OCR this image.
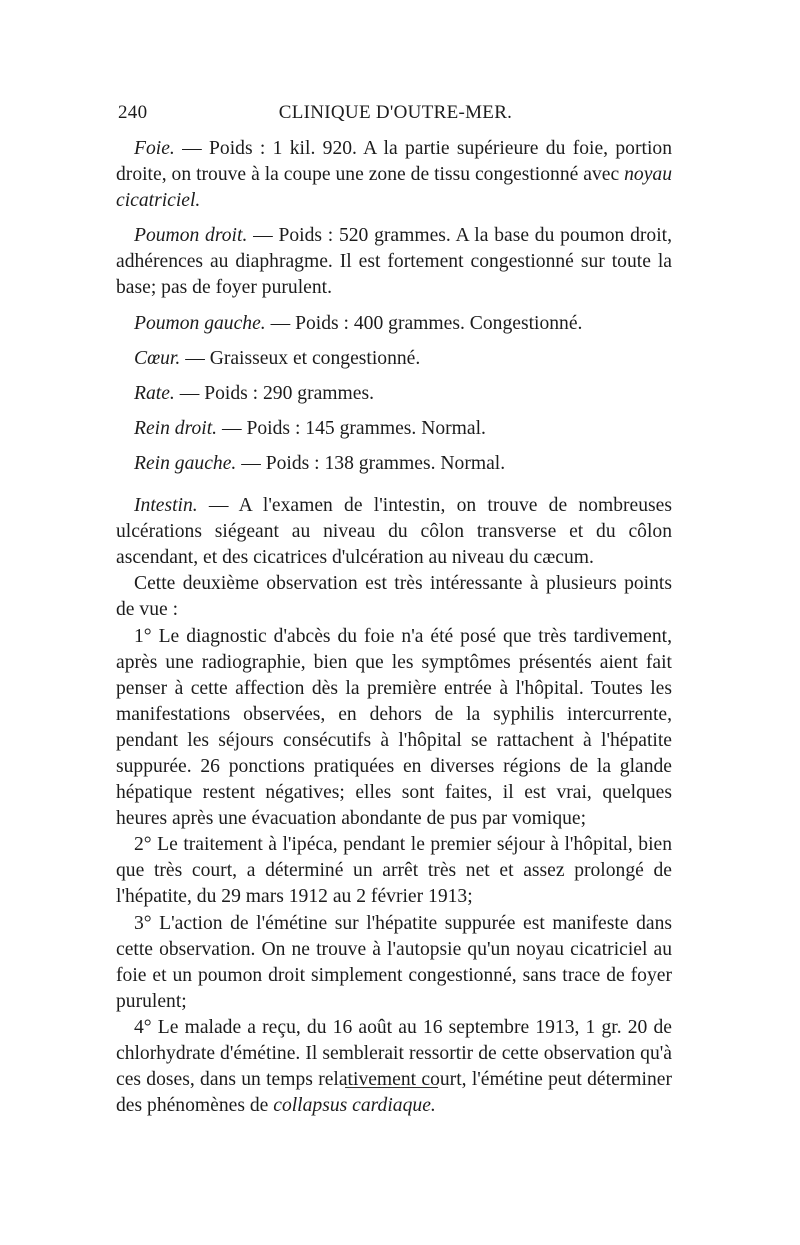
240	CLINIQUE D'OUTRE-MER.

Foie. — Poids : 1 kil. 920. A la partie supérieure du foie, portion droite, on trouve à la coupe une zone de tissu congestionné avec noyau cicatriciel.

Poumon droit. — Poids : 520 grammes. A la base du poumon droit, adhérences au diaphragme. Il est fortement congestionné sur toute la base; pas de foyer purulent.

Poumon gauche. — Poids : 400 grammes. Congestionné.

Cœur. — Graisseux et congestionné.

Rate. — Poids : 290 grammes.

Rein droit. — Poids : 145 grammes. Normal.

Rein gauche. — Poids : 138 grammes. Normal.

Intestin. — A l'examen de l'intestin, on trouve de nombreuses ulcérations siégeant au niveau du côlon transverse et du côlon ascendant, et des cicatrices d'ulcération au niveau du cæcum.

Cette deuxième observation est très intéressante à plusieurs points de vue :

1° Le diagnostic d'abcès du foie n'a été posé que très tardivement, après une radiographie, bien que les symptômes présentés aient fait penser à cette affection dès la première entrée à l'hôpital. Toutes les manifestations observées, en dehors de la syphilis intercurrente, pendant les séjours consécutifs à l'hôpital se rattachent à l'hépatite suppurée. 26 ponctions pratiquées en diverses régions de la glande hépatique restent négatives; elles sont faites, il est vrai, quelques heures après une évacuation abondante de pus par vomique;

2° Le traitement à l'ipéca, pendant le premier séjour à l'hôpital, bien que très court, a déterminé un arrêt très net et assez prolongé de l'hépatite, du 29 mars 1912 au 2 février 1913;

3° L'action de l'émétine sur l'hépatite suppurée est manifeste dans cette observation. On ne trouve à l'autopsie qu'un noyau cicatriciel au foie et un poumon droit simplement congestionné, sans trace de foyer purulent;

4° Le malade a reçu, du 16 août au 16 septembre 1913, 1 gr. 20 de chlorhydrate d'émétine. Il semblerait ressortir de cette observation qu'à ces doses, dans un temps relativement court, l'émétine peut déterminer des phénomènes de collapsus cardiaque.
